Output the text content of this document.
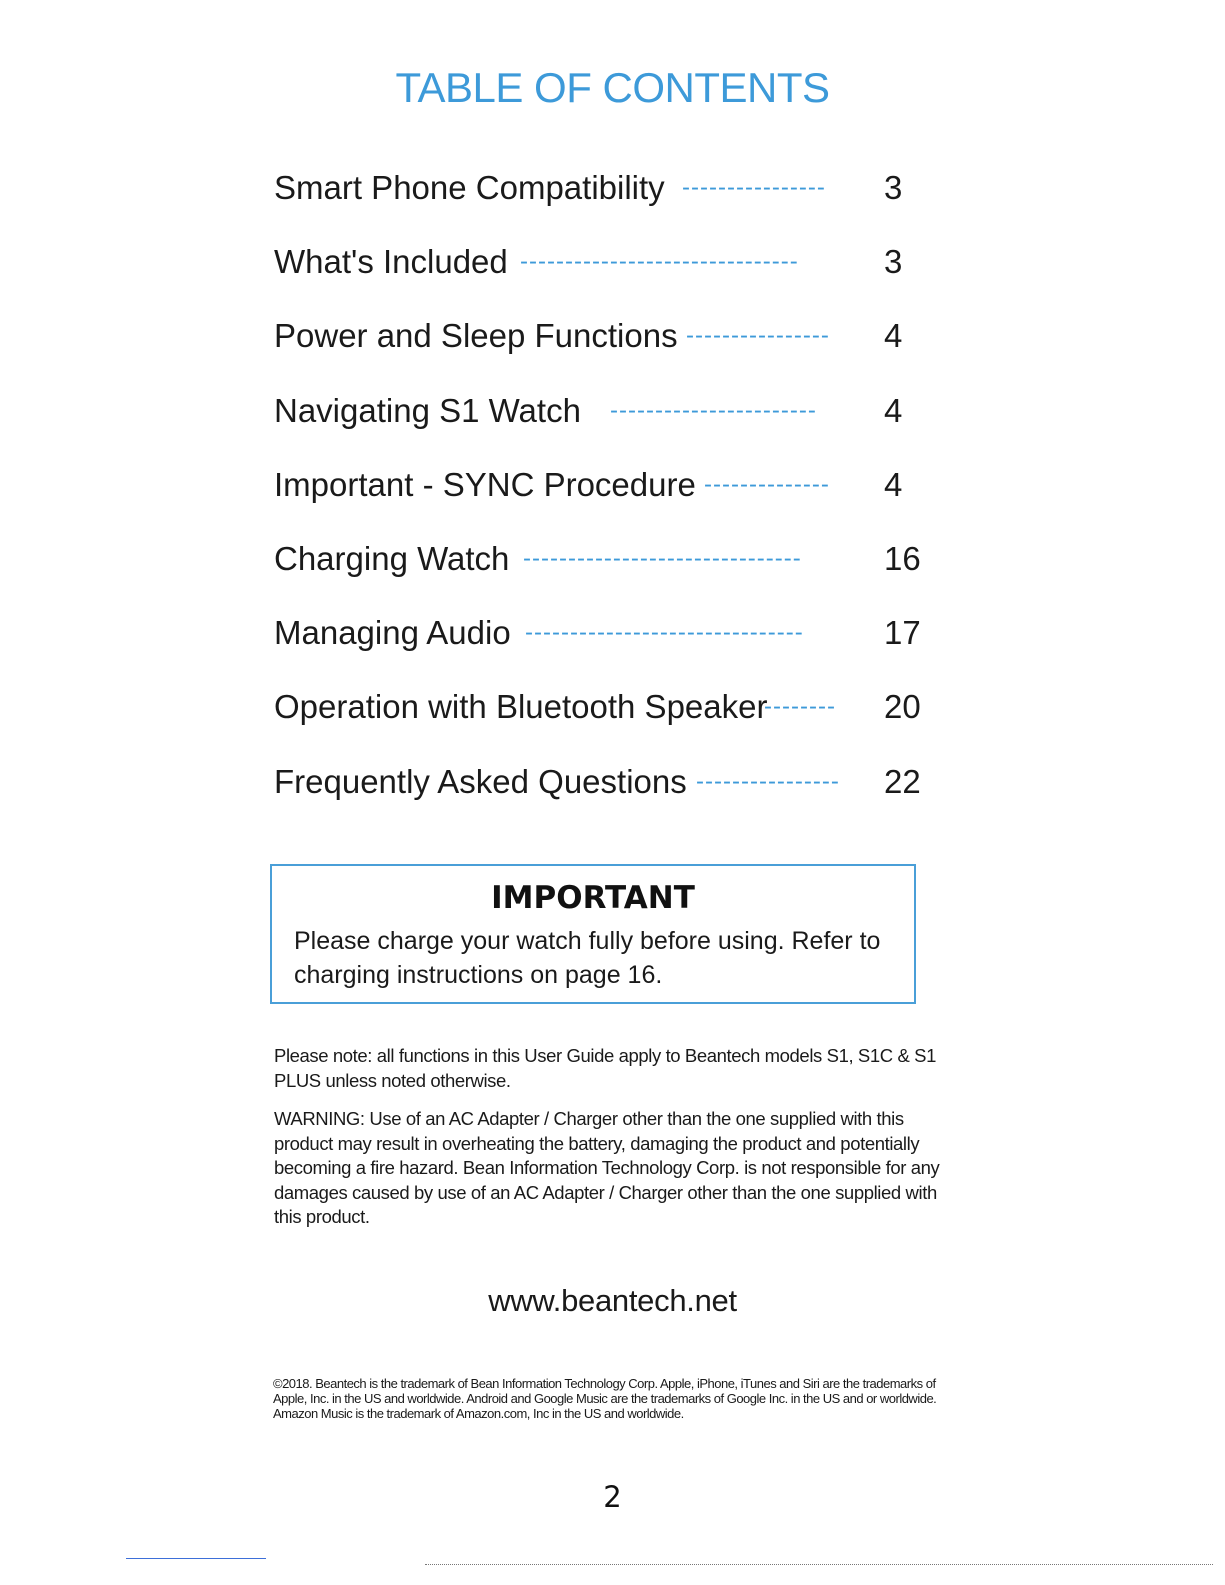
TABLE OF CONTENTS
Smart Phone Compatibility ---------------- 3
What's Included -------------------------------	3
Power and Sleep Functions ---------------- 4
Navigating S1 Watch ----------------------- 4
Important - SYNC Procedure -------------- 4
Charging Watch ------------------------------- 16
Managing Audio ------------------------------- 17
Operation with Bluetooth Speaker
-------- 20
Frequently Asked Questions ---------------- 22
IMPORTANT
Please charge your watch fully before using. Refer to charging instructions on page 16.

Please note: all functions in this User Guide apply to Beantech models S1, S1C & S1 PLUS unless noted otherwise.

WARNING: Use of an AC Adapter / Charger other than the one supplied with this product may result in overheating the battery, damaging the product and potentially becoming a fire hazard. Bean Information Technology Corp. is not responsible for any damages caused by use of an AC Adapter / Charger other than the one supplied with this product.

www.beantech.net

©2018. Beantech is the trademark of Bean Information Technology Corp. Apple, iPhone, iTunes and Siri are the trademarks of Apple, Inc. in the US and worldwide. Android and Google Music are the trademarks of Google Inc. in the US and or worldwide. Amazon Music is the trademark of Amazon.com, Inc in the US and worldwide.

2
